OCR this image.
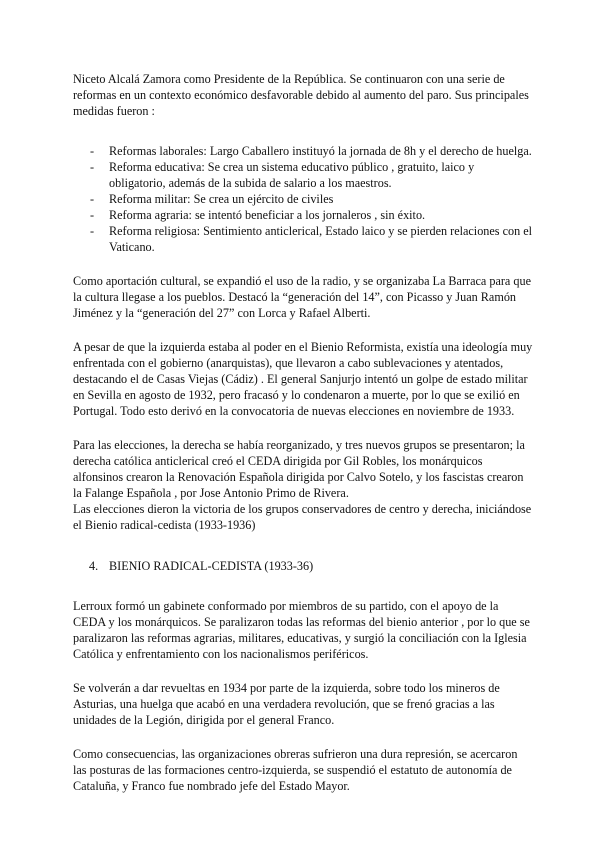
Niceto Alcalá Zamora como Presidente de la República. Se continuaron con una serie de reformas en un contexto económico desfavorable debido al aumento del paro. Sus principales medidas fueron :

- Reformas laborales: Largo Caballero instituyó la jornada de 8h y el derecho de huelga.
- Reforma educativa: Se crea un sistema educativo público , gratuito, laico y obligatorio, además de la subida de salario a los maestros.
- Reforma militar: Se crea un ejército de civiles
- Reforma agraria: se intentó beneficiar a los jornaleros , sin éxito.
- Reforma religiosa: Sentimiento anticlerical, Estado laico y se pierden relaciones con el Vaticano.

Como aportación cultural, se expandió el uso de la radio, y se organizaba La Barraca para que la cultura llegase a los pueblos. Destacó la “generación del 14”, con Picasso y Juan Ramón Jiménez y la “generación del 27” con Lorca y Rafael Alberti.

A pesar de que la izquierda estaba al poder en el Bienio Reformista, existía una ideología muy enfrentada con el gobierno (anarquistas), que llevaron a cabo sublevaciones y atentados, destacando el de Casas Viejas (Cádiz) . El general Sanjurjo intentó un golpe de estado militar en Sevilla en agosto de 1932, pero fracasó y lo condenaron a muerte, por lo que se exilió en Portugal. Todo esto derivó en la convocatoria de nuevas elecciones en noviembre de 1933.

Para las elecciones, la derecha se había reorganizado, y tres nuevos grupos se presentaron; la derecha católica anticlerical creó el CEDA dirigida por Gil Robles, los monárquicos alfonsinos crearon la Renovación Española dirigida por Calvo Sotelo, y los fascistas crearon la Falange Española , por Jose Antonio Primo de Rivera.

Las elecciones dieron la victoria de los grupos conservadores de centro y derecha, iniciándose el Bienio radical-cedista (1933-1936)

4. BIENIO RADICAL-CEDISTA (1933-36)

Lerroux formó un gabinete conformado por miembros de su partido, con el apoyo de la CEDA y los monárquicos. Se paralizaron todas las reformas del bienio anterior , por lo que se paralizaron las reformas agrarias, militares, educativas, y surgió la conciliación con la Iglesia Católica y enfrentamiento con los nacionalismos periféricos.

Se volverán a dar revueltas en 1934 por parte de la izquierda, sobre todo los mineros de Asturias, una huelga que acabó en una verdadera revolución, que se frenó gracias a las unidades de la Legión, dirigida por el general Franco.

Como consecuencias, las organizaciones obreras sufrieron una dura represión, se acercaron las posturas de las formaciones centro-izquierda, se suspendió el estatuto de autonomía de Cataluña, y Franco fue nombrado jefe del Estado Mayor.
